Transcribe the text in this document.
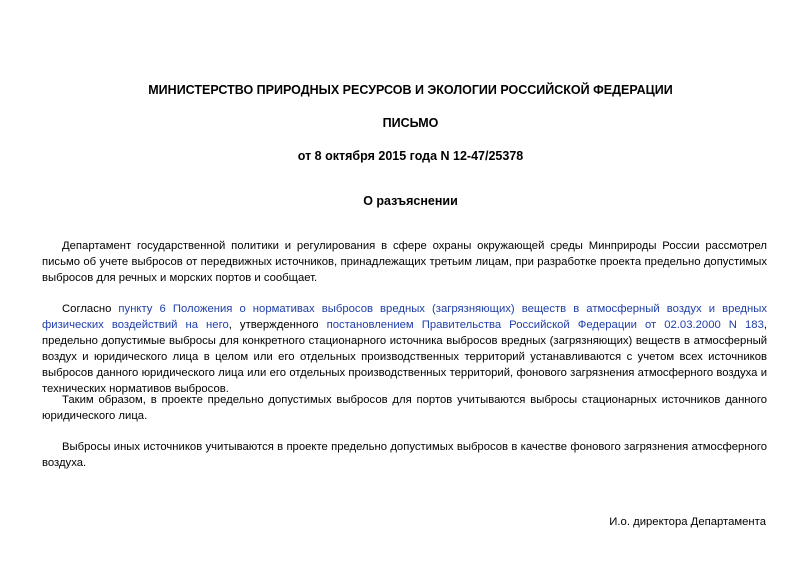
МИНИСТЕРСТВО ПРИРОДНЫХ РЕСУРСОВ И ЭКОЛОГИИ РОССИЙСКОЙ ФЕДЕРАЦИИ
ПИСЬМО
от 8 октября 2015 года N 12-47/25378
О разъяснении

Департамент государственной политики и регулирования в сфере охраны окружающей среды Минприроды России рассмотрел письмо об учете выбросов от передвижных источников, принадлежащих третьим лицам, при разработке проекта предельно допустимых выбросов для речных и морских портов и сообщает.

Согласно пункту 6 Положения о нормативах выбросов вредных (загрязняющих) веществ в атмосферный воздух и вредных физических воздействий на него, утвержденного постановлением Правительства Российской Федерации от 02.03.2000 N 183, предельно допустимые выбросы для конкретного стационарного источника выбросов вредных (загрязняющих) веществ в атмосферный воздух и юридического лица в целом или его отдельных производственных территорий устанавливаются с учетом всех источников выбросов данного юридического лица или его отдельных производственных территорий, фонового загрязнения атмосферного воздуха и технических нормативов выбросов.

Таким образом, в проекте предельно допустимых выбросов для портов учитываются выбросы стационарных источников данного юридического лица.

Выбросы иных источников учитываются в проекте предельно допустимых выбросов в качестве фонового загрязнения атмосферного воздуха.

И.о. директора Департамента
